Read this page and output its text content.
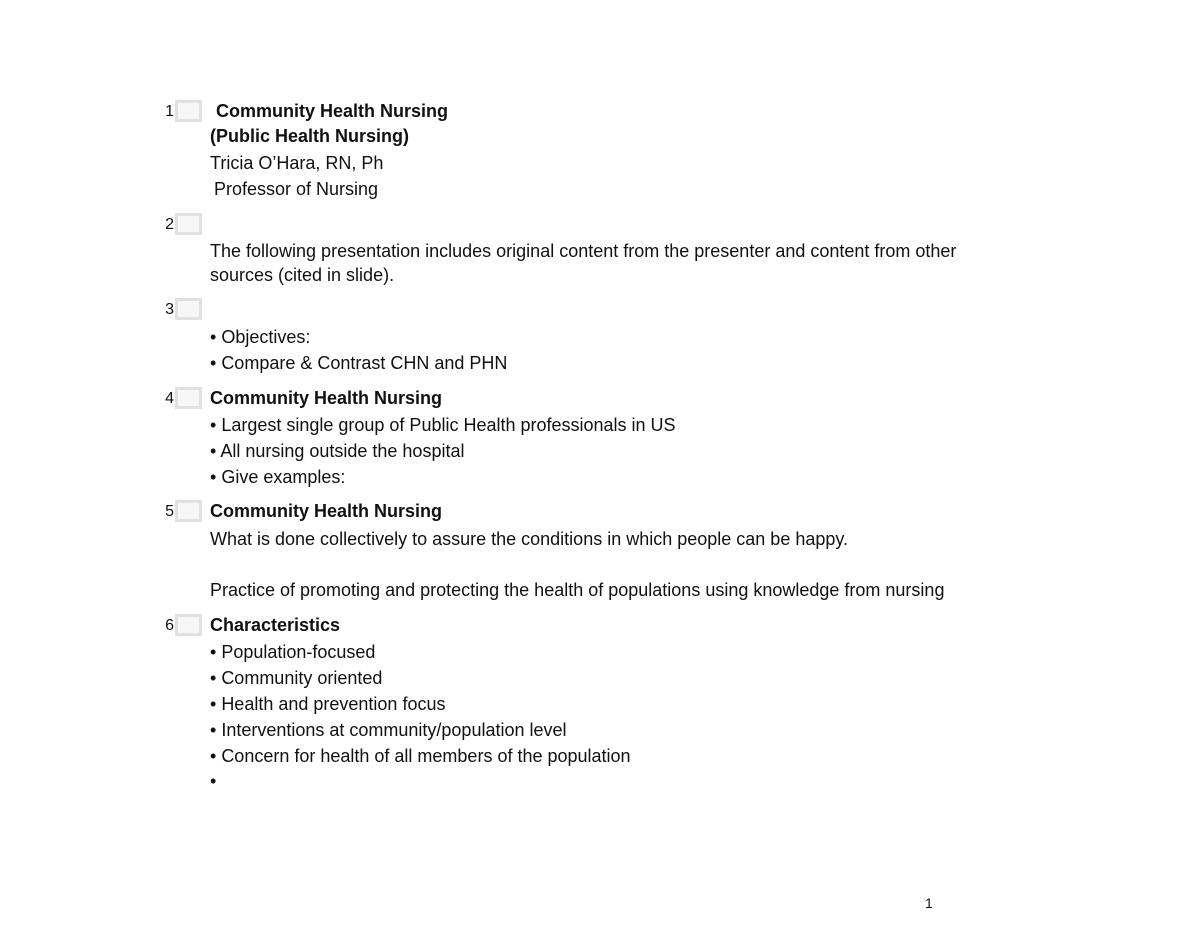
1 Community Health Nursing
(Public Health Nursing)
Tricia O’Hara, RN, Ph
Professor of Nursing
2
The following presentation includes original content from the presenter and content from other
sources (cited in slide).
3
• Objectives:
• Compare & Contrast CHN and PHN
4 Community Health Nursing
• Largest single group of Public Health professionals in US
• All nursing outside the hospital
• Give examples:
5 Community Health Nursing
What is done collectively to assure the conditions in which people can be happy.
Practice of promoting and protecting the health of populations using knowledge from nursing
6 Characteristics
• Population-focused
• Community oriented
• Health and prevention focus
• Interventions at community/population level
• Concern for health of all members of the population
•
1
